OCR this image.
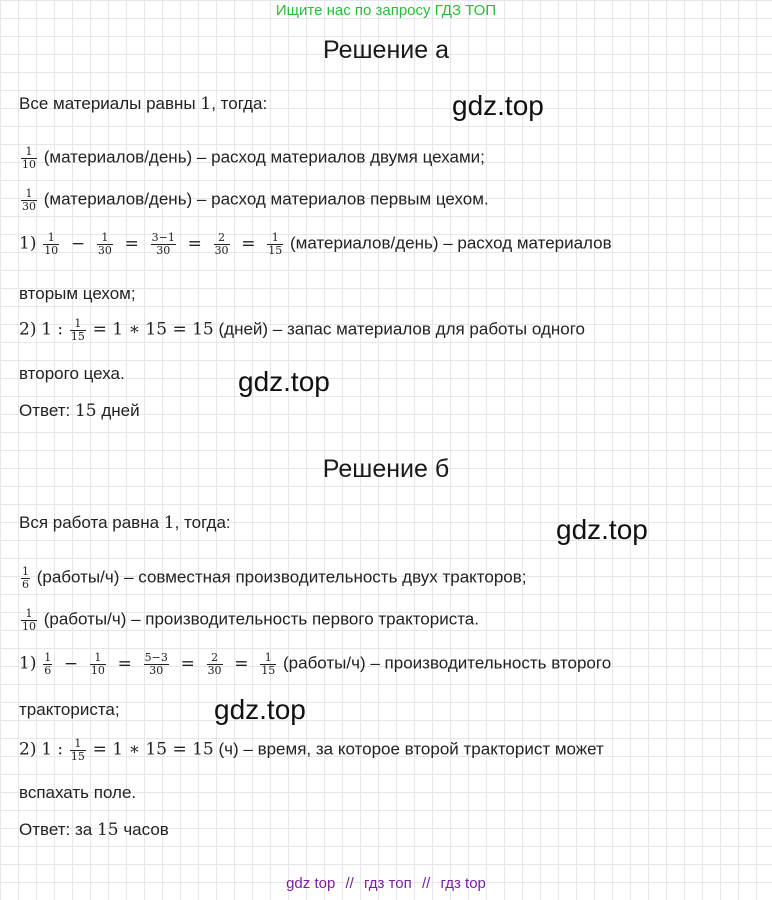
Ищите нас по запросу ГДЗ ТОП
Решение а
Все материалы равны 1, тогда:
$\frac{1}{10}$ (материалов/день) – расход материалов двумя цехами;
$\frac{1}{30}$ (материалов/день) – расход материалов первым цехом.
$1) \frac{1}{10} - \frac{1}{30} = \frac{3-1}{30} = \frac{2}{30} = \frac{1}{15}$ (материалов/день) – расход материалов
вторым цехом;
2) 1 : $\frac{1}{15} = 1$ ∗ 15 = 15 (дней) – запас материалов для работы одного
второго цеха.
Ответ: 15 дней
Решение б
Вся работа равна 1, тогда:
$\frac{1}{6}$ (работы/ч) – совместная производительность двух тракторов;
$\frac{1}{10}$ (работы/ч) – производительность первого тракториста.
$1) \frac{1}{6} - \frac{1}{10} = \frac{5-3}{30} = \frac{2}{30} = \frac{1}{15}$ (работы/ч) – производительность второго
тракториста;
2) 1 : $\frac{1}{15} = 1$ ∗ 15 = 15 (ч) – время, за которое второй тракторист может
вспахать поле.
Ответ: за 15 часов
gdz.top
gdz.top
gdz.top
gdz.top
gdz top // гдз топ // гдз top
